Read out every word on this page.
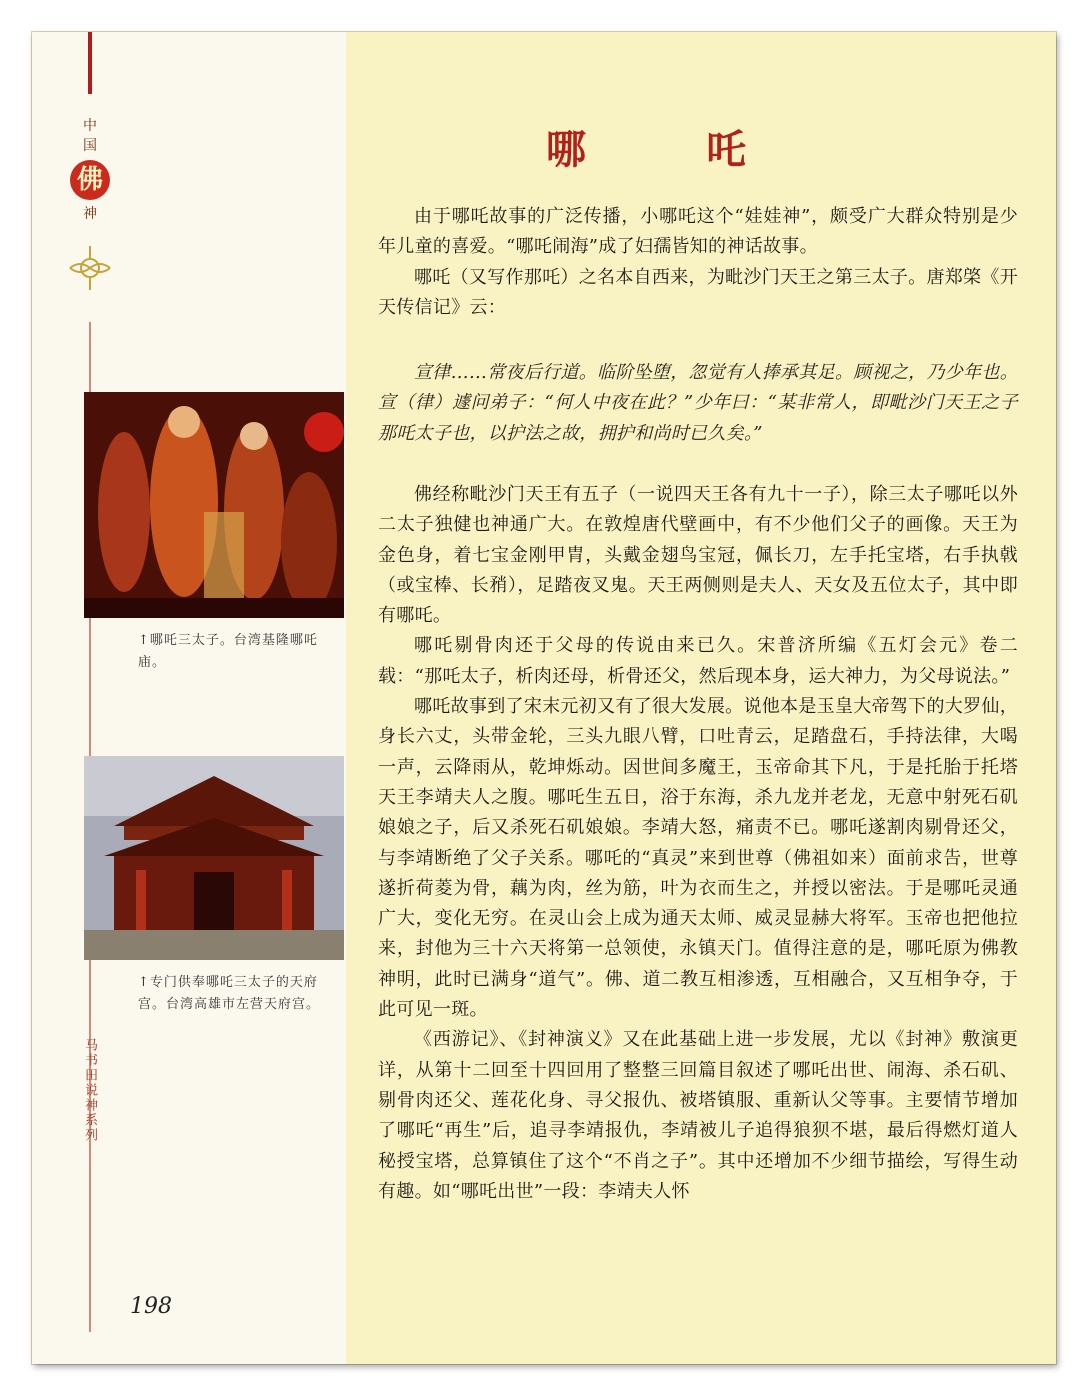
中
国
佛
神
↑哪吒三太子。台湾基隆哪吒庙。
↑专门供奉哪吒三太子的天府宫。台湾高雄市左营天府宫。
马书田说神系列
198
哪　吒

由于哪吒故事的广泛传播，小哪吒这个“娃娃神”，颇受广大群众特别是少年儿童的喜爱。“哪吒闹海”成了妇孺皆知的神话故事。

哪吒（又写作那吒）之名本自西来，为毗沙门天王之第三太子。唐郑棨《开天传信记》云：

宣律……常夜后行道。临阶坠堕，忽觉有人捧承其足。顾视之，乃少年也。宣（律）遽问弟子：“何人中夜在此？”少年曰：“某非常人，即毗沙门天王之子那吒太子也，以护法之故，拥护和尚时已久矣。”

佛经称毗沙门天王有五子（一说四天王各有九十一子），除三太子哪吒以外二太子独健也神通广大。在敦煌唐代壁画中，有不少他们父子的画像。天王为金色身，着七宝金刚甲胄，头戴金翅鸟宝冠，佩长刀，左手托宝塔，右手执戟（或宝棒、长矟），足踏夜叉鬼。天王两侧则是夫人、天女及五位太子，其中即有哪吒。

哪吒剔骨肉还于父母的传说由来已久。宋普济所编《五灯会元》卷二载：“那吒太子，析肉还母，析骨还父，然后现本身，运大神力，为父母说法。”

哪吒故事到了宋末元初又有了很大发展。说他本是玉皇大帝驾下的大罗仙，身长六丈，头带金轮，三头九眼八臂，口吐青云，足踏盘石，手持法律，大喝一声，云降雨从，乾坤烁动。因世间多魔王，玉帝命其下凡，于是托胎于托塔天王李靖夫人之腹。哪吒生五日，浴于东海，杀九龙并老龙，无意中射死石矶娘娘之子，后又杀死石矶娘娘。李靖大怒，痛责不已。哪吒遂割肉剔骨还父，与李靖断绝了父子关系。哪吒的“真灵”来到世尊（佛祖如来）面前求告，世尊遂折荷菱为骨，藕为肉，丝为筋，叶为衣而生之，并授以密法。于是哪吒灵通广大，变化无穷。在灵山会上成为通天太师、威灵显赫大将军。玉帝也把他拉来，封他为三十六天将第一总领使，永镇天门。值得注意的是，哪吒原为佛教神明，此时已满身“道气”。佛、道二教互相渗透，互相融合，又互相争夺，于此可见一斑。

《西游记》、《封神演义》又在此基础上进一步发展，尤以《封神》敷演更详，从第十二回至十四回用了整整三回篇目叙述了哪吒出世、闹海、杀石矶、剔骨肉还父、莲花化身、寻父报仇、被塔镇服、重新认父等事。主要情节增加了哪吒“再生”后，追寻李靖报仇，李靖被儿子追得狼狈不堪，最后得燃灯道人秘授宝塔，总算镇住了这个“不肖之子”。其中还增加不少细节描绘，写得生动有趣。如“哪吒出世”一段：李靖夫人怀
